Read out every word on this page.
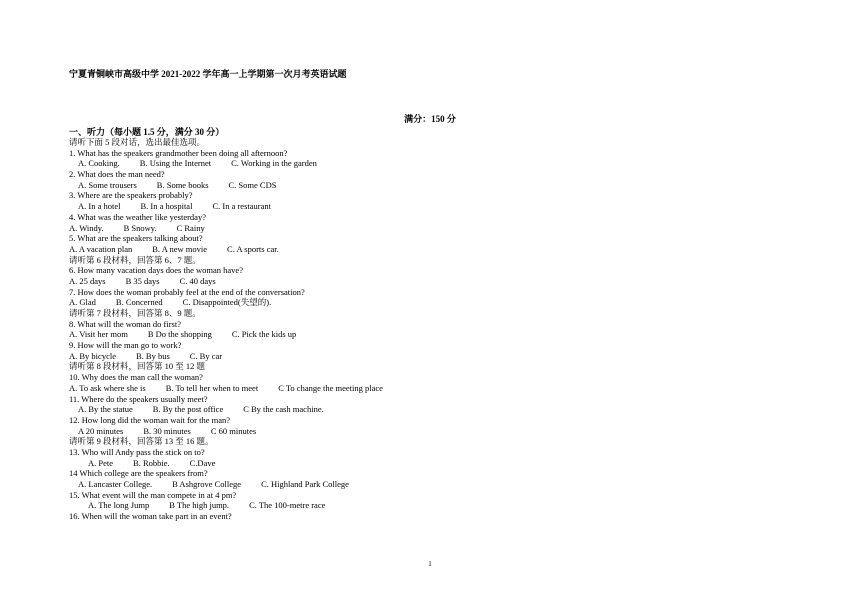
宁夏青铜峡市高级中学 2021-2022 学年高一上学期第一次月考英语试题
满分：150 分
一、听力（每小题 1.5 分，满分 30 分）
请听下面 5 段对话，选出最佳选项。
1. What has the speakers grandmother been doing all afternoon?
A. Cooking. B. Using the Internet C. Working in the garden
2. What does the man need?
A. Some trousers B. Some books C. Some CDS
3. Where are the speakers probably?
A. In a hotel B. In a hospital C. In a restaurant
4. What was the weather like yesterday?
A. Windy. B Snowy. C Rainy
5. What are the speakers talking about?
A. A vacation plan B. A new movie C. A sports car.
请听第 6 段材料，回答第 6、7 题。
6. How many vacation days does the woman have?
A. 25 days B 35 days C. 40 days
7. How does the woman probably feel at the end of the conversation?
A. Glad B. Concerned C. Disappointed(失望的).
请听第 7 段材料，回答第 8、9 题。
8. What will the woman do first?
A. Visit her mom B Do the shopping C. Pick the kids up
9. How will the man go to work?
A. By bicycle B. By bus C. By car
请听第 8 段材料，回答第 10 至 12 题
10. Why does the man call the woman?
A. To ask where she is B. To tell her when to meet C To change the meeting place
11. Where do the speakers usually meet?
A. By the statue B. By the post office C By the cash machine.
12. How long did the woman wait for the man?
A 20 minutes B. 30 minutes C 60 minutes
请听第 9 段材料，回答第 13 至 16 题。
13. Who will Andy pass the stick on to?
A. Pete B. Robbie. C.Dave
14 Which college are the speakers from?
A. Lancaster College. B Ashgrove College C. Highland Park College
15. What event will the man compete in at 4 pm?
A. The long Jump B The high jump. C. The 100-metre race
16. When will the woman take part in an event?
1
